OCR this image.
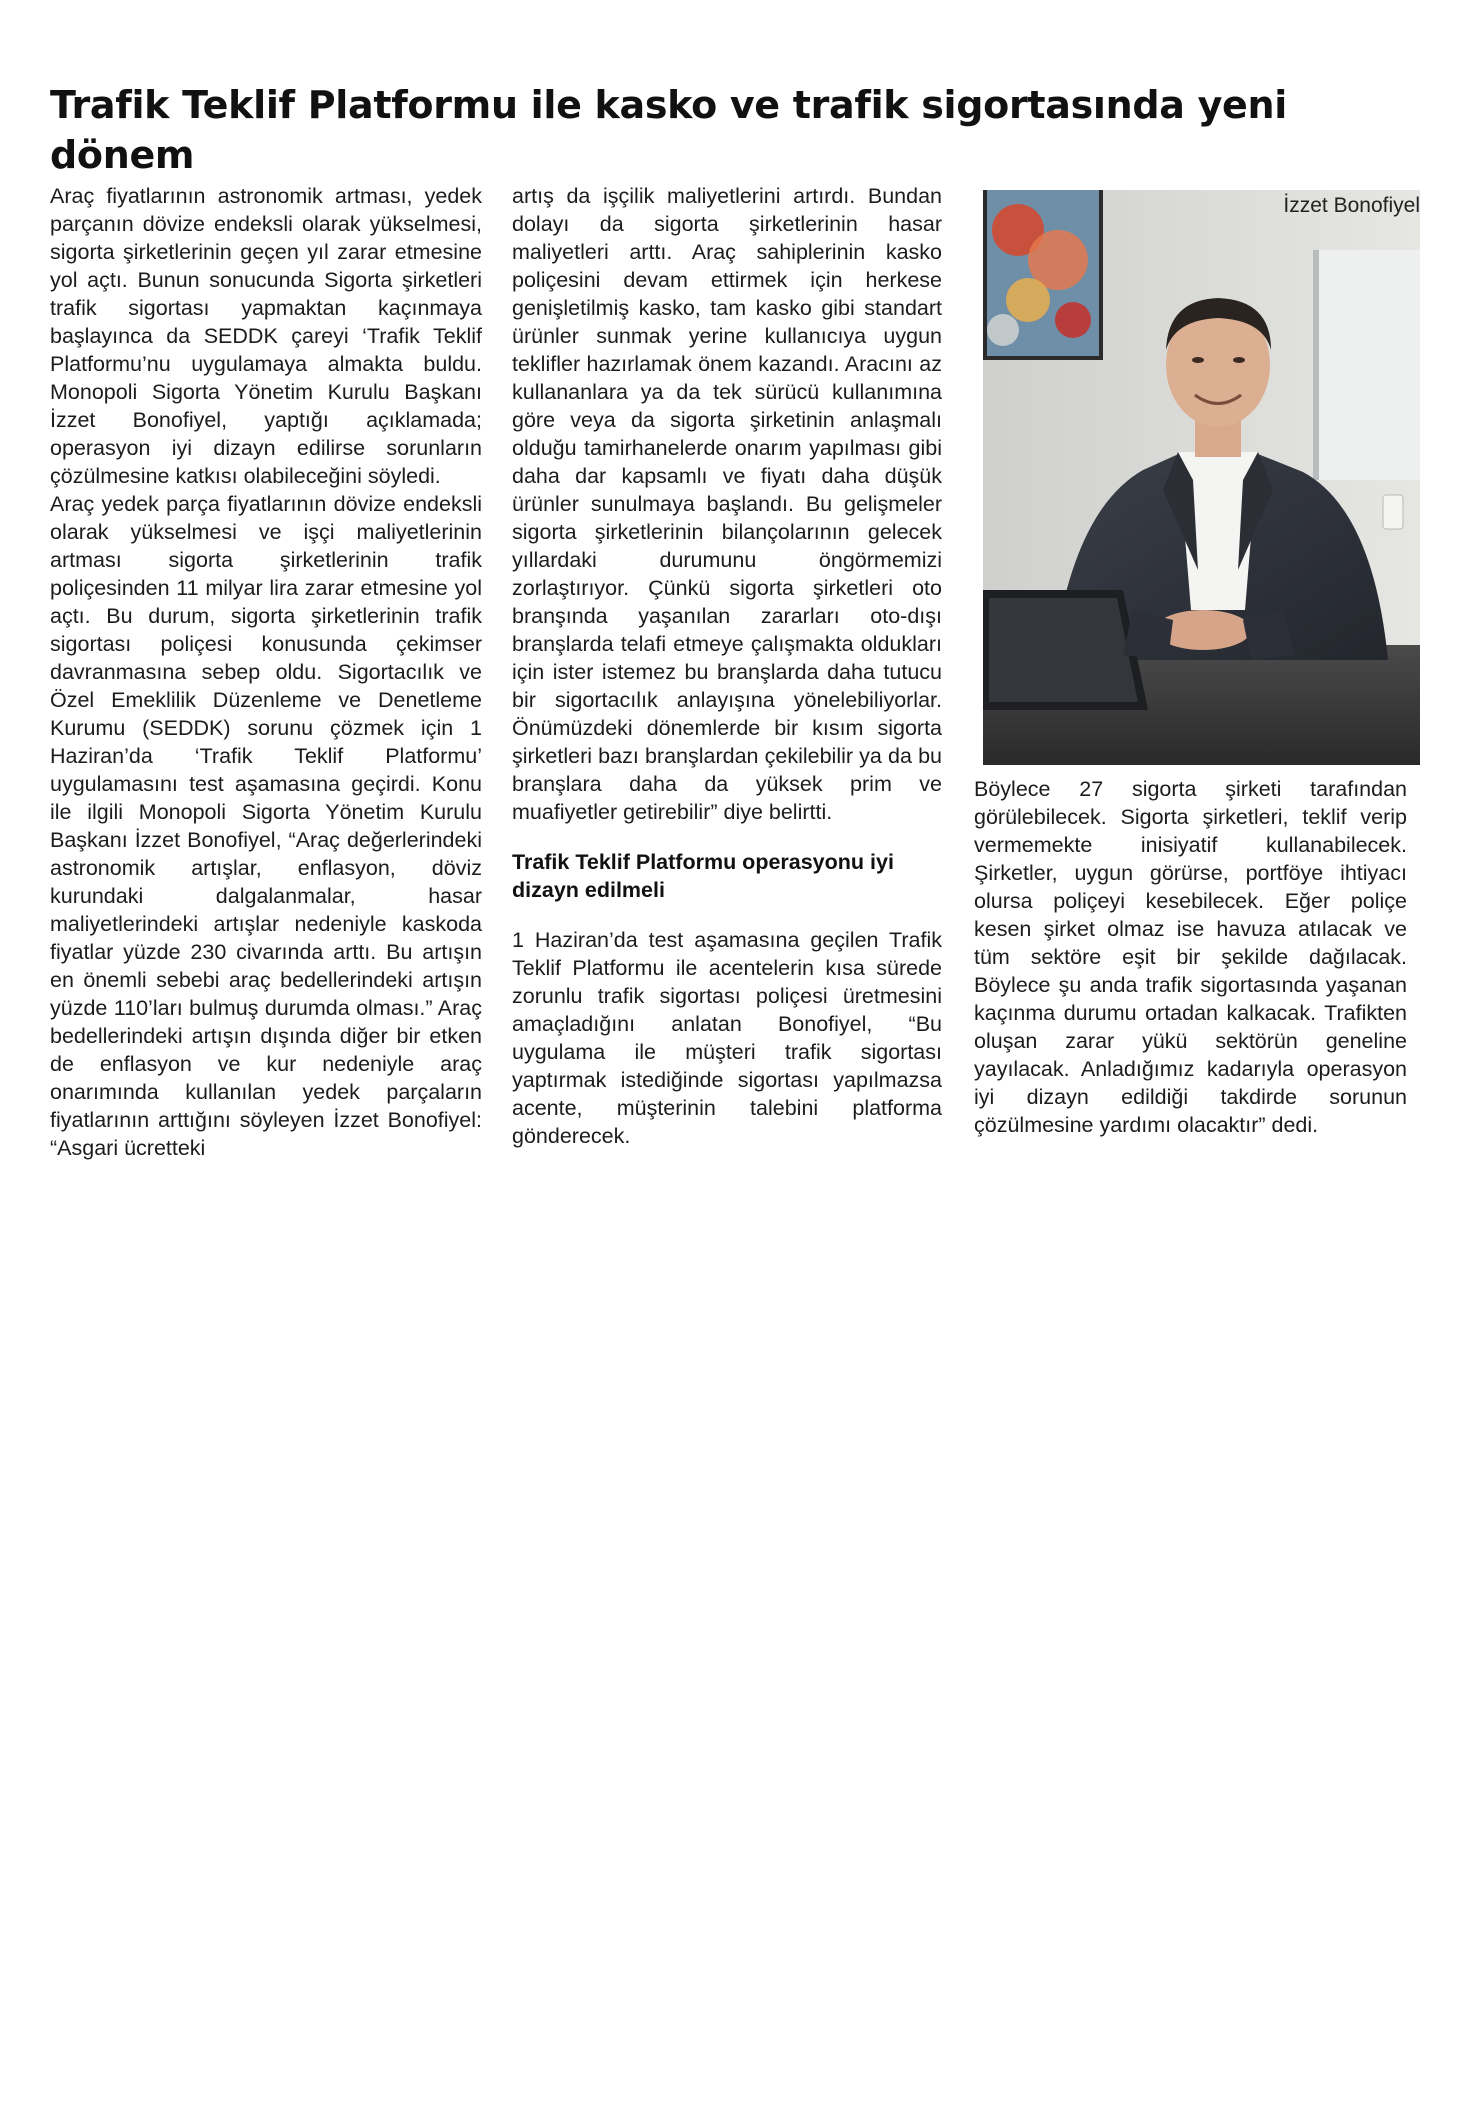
Trafik Teklif Platformu ile kasko ve trafik sigortasında yeni dönem

Araç fiyatlarının astronomik artması, yedek parçanın dövize endeksli olarak yükselmesi, sigorta şirketlerinin geçen yıl zarar etmesine yol açtı. Bunun sonucunda Sigorta şirketleri trafik sigortası yapmaktan kaçınmaya başlayınca da SEDDK çareyi ‘Trafik Teklif Platformu’nu uygulamaya almakta buldu. Monopoli Sigorta Yönetim Kurulu Başkanı İzzet Bonofiyel, yaptığı açıklamada; operasyon iyi dizayn edilirse sorunların çözülmesine katkısı olabileceğini söyledi.

Araç yedek parça fiyatlarının dövize endeksli olarak yükselmesi ve işçi maliyetlerinin artması sigorta şirketlerinin trafik poliçesinden 11 milyar lira zarar etmesine yol açtı. Bu durum, sigorta şirketlerinin trafik sigortası poliçesi konusunda çekimser davranmasına sebep oldu. Sigortacılık ve Özel Emeklilik Düzenleme ve Denetleme Kurumu (SEDDK) sorunu çözmek için 1 Haziran’da ‘Trafik Teklif Platformu’ uygulamasını test aşamasına geçirdi. Konu ile ilgili Monopoli Sigorta Yönetim Kurulu Başkanı İzzet Bonofiyel, “Araç değerlerindeki astronomik artışlar, enflasyon, döviz kurundaki dalgalanmalar, hasar maliyetlerindeki artışlar nedeniyle kaskoda fiyatlar yüzde 230 civarında arttı. Bu artışın en önemli sebebi araç bedellerindeki artışın yüzde 110’ları bulmuş durumda olması.” Araç bedellerindeki artışın dışında diğer bir etken de enflasyon ve kur nedeniyle araç onarımında kullanılan yedek parçaların fiyatlarının arttığını söyleyen İzzet Bonofiyel: “Asgari ücretteki

artış da işçilik maliyetlerini artırdı. Bundan dolayı da sigorta şirketlerinin hasar maliyetleri arttı. Araç sahiplerinin kasko poliçesini devam ettirmek için herkese genişletilmiş kasko, tam kasko gibi standart ürünler sunmak yerine kullanıcıya uygun teklifler hazırlamak önem kazandı. Aracını az kullananlara ya da tek sürücü kullanımına göre veya da sigorta şirketinin anlaşmalı olduğu tamirhanelerde onarım yapılması gibi daha dar kapsamlı ve fiyatı daha düşük ürünler sunulmaya başlandı. Bu gelişmeler sigorta şirketlerinin bilançolarının gelecek yıllardaki durumunu öngörmemizi zorlaştırıyor. Çünkü sigorta şirketleri oto branşında yaşanılan zararları oto-dışı branşlarda telafi etmeye çalışmakta oldukları için ister istemez bu branşlarda daha tutucu bir sigortacılık anlayışına yönelebiliyorlar. Önümüzdeki dönemlerde bir kısım sigorta şirketleri bazı branşlardan çekilebilir ya da bu branşlara daha da yüksek prim ve muafiyetler getirebilir” diye belirtti.

Trafik Teklif Platformu operasyonu iyi dizayn edilmeli

1 Haziran’da test aşamasına geçilen Trafik Teklif Platformu ile acentelerin kısa sürede zorunlu trafik sigortası poliçesi üretmesini amaçladığını anlatan Bonofiyel, “Bu uygulama ile müşteri trafik sigortası yaptırmak istediğinde sigortası yapılmazsa acente, müşterinin talebini platforma gönderecek.

İzzet Bonofiyel

Böylece 27 sigorta şirketi tarafından görülebilecek. Sigorta şirketleri, teklif verip vermemekte inisiyatif kullanabilecek. Şirketler, uygun görürse, portföye ihtiyacı olursa poliçeyi kesebilecek. Eğer poliçe kesen şirket olmaz ise havuza atılacak ve tüm sektöre eşit bir şekilde dağılacak. Böylece şu anda trafik sigortasında yaşanan kaçınma durumu ortadan kalkacak. Trafikten oluşan zarar yükü sektörün geneline yayılacak. Anladığımız kadarıyla operasyon iyi dizayn edildiği takdirde sorunun çözülmesine yardımı olacaktır” dedi.
